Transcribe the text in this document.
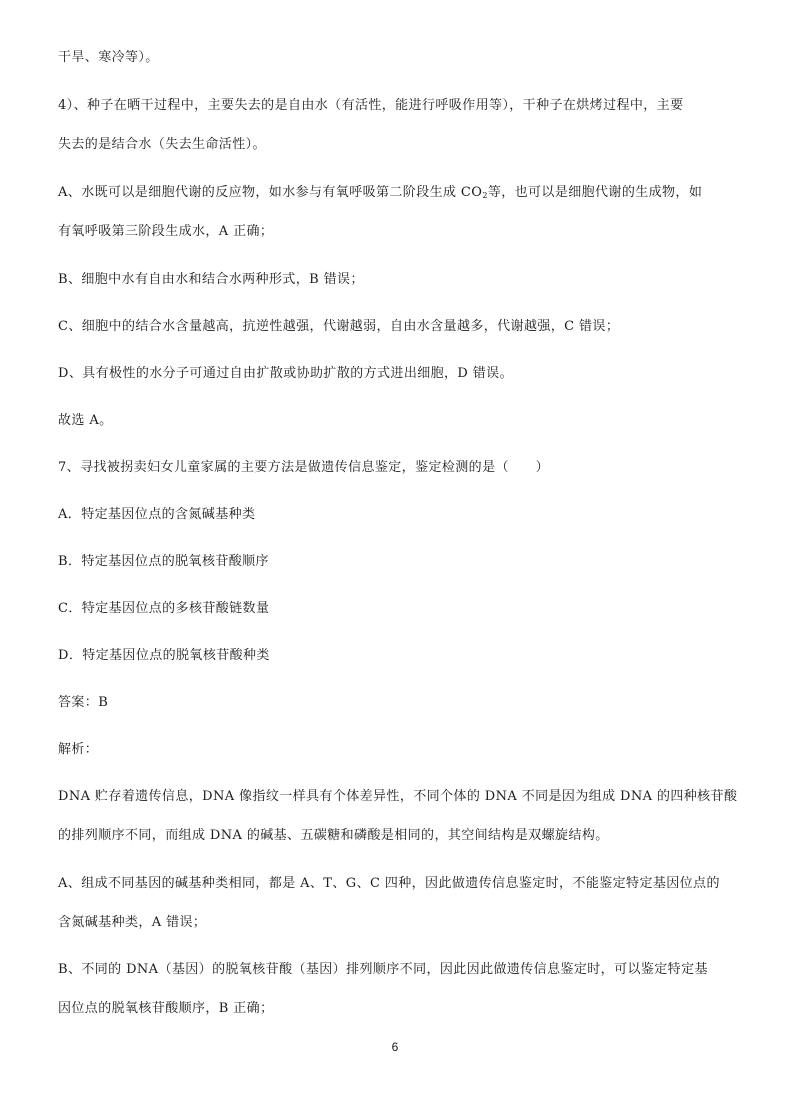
干旱、寒冷等）。
4）、种子在晒干过程中，主要失去的是自由水（有活性，能进行呼吸作用等），干种子在烘烤过程中，主要
失去的是结合水（失去生命活性）。
A、水既可以是细胞代谢的反应物，如水参与有氧呼吸第二阶段生成 $CO_2$等，也可以是细胞代谢的生成物，如
有氧呼吸第三阶段生成水，A 正确；
B、细胞中水有自由水和结合水两种形式，B 错误；
C、细胞中的结合水含量越高，抗逆性越强，代谢越弱，自由水含量越多，代谢越强，C 错误；
D、具有极性的水分子可通过自由扩散或协助扩散的方式进出细胞，D 错误。
故选 A。
7、寻找被拐卖妇女儿童家属的主要方法是做遗传信息鉴定，鉴定检测的是（　　）
A．特定基因位点的含氮碱基种类
B．特定基因位点的脱氧核苷酸顺序
C．特定基因位点的多核苷酸链数量
D．特定基因位点的脱氧核苷酸种类
答案：B
解析：
DNA 贮存着遗传信息，DNA 像指纹一样具有个体差异性，不同个体的 DNA 不同是因为组成 DNA 的四种核苷酸
的排列顺序不同，而组成 DNA 的碱基、五碳糖和磷酸是相同的，其空间结构是双螺旋结构。
A、组成不同基因的碱基种类相同，都是 A、T、G、C 四种，因此做遗传信息鉴定时，不能鉴定特定基因位点的
含氮碱基种类，A 错误；
B、不同的 DNA（基因）的脱氧核苷酸（基因）排列顺序不同，因此因此做遗传信息鉴定时，可以鉴定特定基
因位点的脱氧核苷酸顺序，B 正确；
6
